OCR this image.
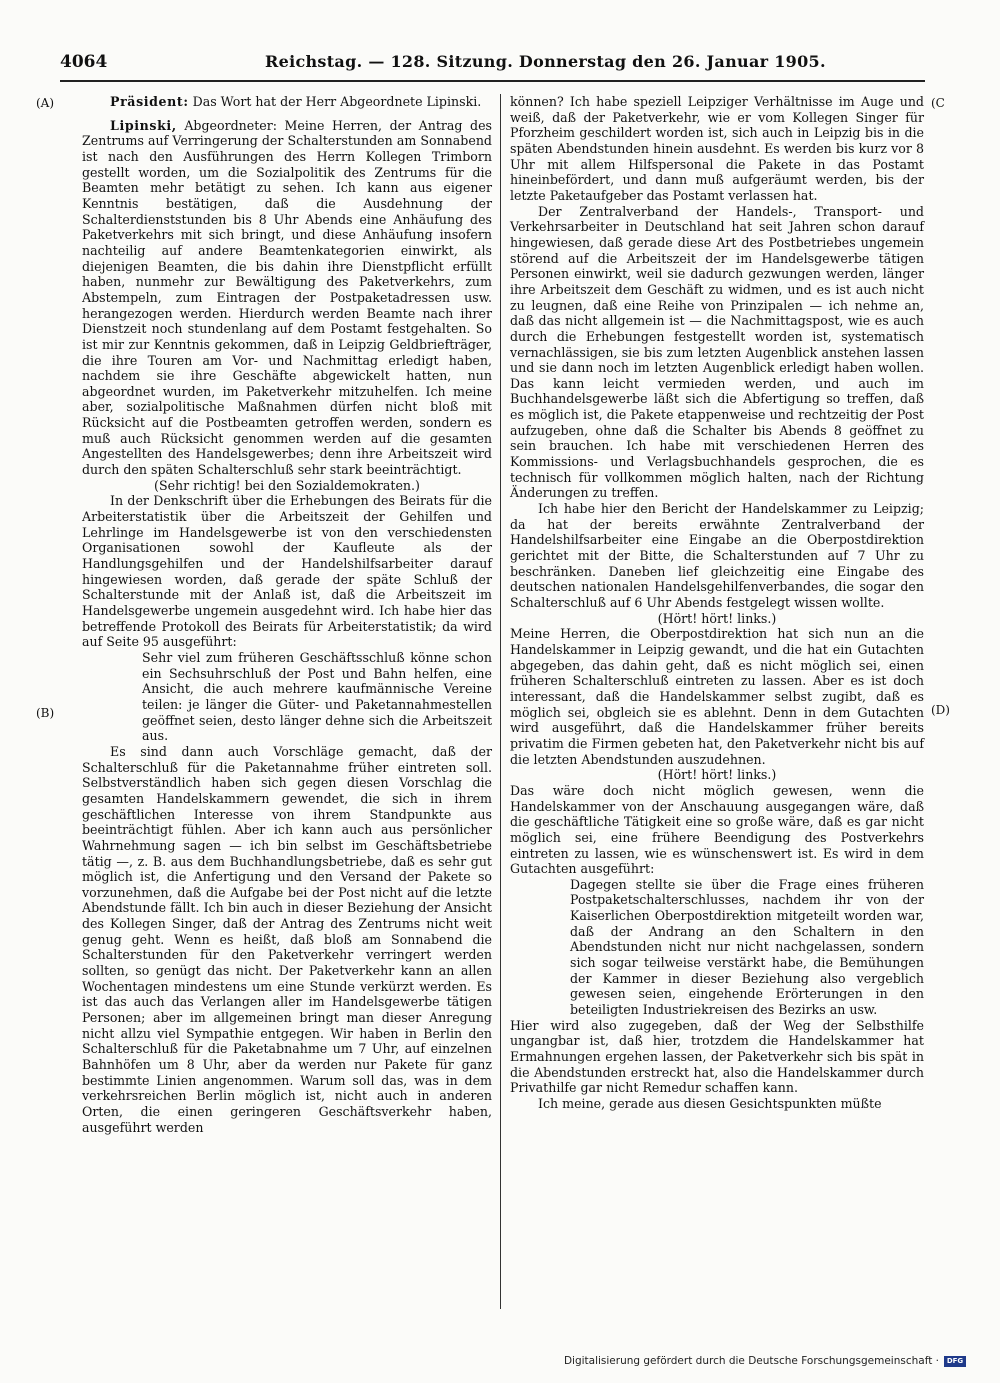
4064	Reichstag. — 128. Sitzung. Donnerstag den 26. Januar 1905.
(A)
(B)
(C
(D)

Präsident: Das Wort hat der Herr Abgeordnete Lipinski.

Lipinski, Abgeordneter: Meine Herren, der Antrag des Zentrums auf Verringerung der Schalterstunden am Sonnabend ist nach den Ausführungen des Herrn Kollegen Trimborn gestellt worden, um die Sozialpolitik des Zentrums für die Beamten mehr betätigt zu sehen. Ich kann aus eigener Kenntnis bestätigen, daß die Ausdehnung der Schalterdienststunden bis 8 Uhr Abends eine Anhäufung des Paketverkehrs mit sich bringt, und diese Anhäufung insofern nachteilig auf andere Beamtenkategorien einwirkt, als diejenigen Beamten, die bis dahin ihre Dienstpflicht erfüllt haben, nunmehr zur Bewältigung des Paketverkehrs, zum Abstempeln, zum Eintragen der Postpaketadressen usw. herangezogen werden. Hierdurch werden Beamte nach ihrer Dienstzeit noch stundenlang auf dem Postamt festgehalten. So ist mir zur Kenntnis gekommen, daß in Leipzig Geldbriefträger, die ihre Touren am Vor- und Nachmittag erledigt haben, nachdem sie ihre Geschäfte abgewickelt hatten, nun abgeordnet wurden, im Paketverkehr mitzuhelfen. Ich meine aber, sozialpolitische Maßnahmen dürfen nicht bloß mit Rücksicht auf die Postbeamten getroffen werden, sondern es muß auch Rücksicht genommen werden auf die gesamten Angestellten des Handelsgewerbes; denn ihre Arbeitszeit wird durch den späten Schalterschluß sehr stark beeinträchtigt.

(Sehr richtig! bei den Sozialdemokraten.)

In der Denkschrift über die Erhebungen des Beirats für die Arbeiterstatistik über die Arbeitszeit der Gehilfen und Lehrlinge im Handelsgewerbe ist von den verschiedensten Organisationen sowohl der Kaufleute als der Handlungsgehilfen und der Handelshilfsarbeiter darauf hingewiesen worden, daß gerade der späte Schluß der Schalterstunde mit der Anlaß ist, daß die Arbeitszeit im Handelsgewerbe ungemein ausgedehnt wird. Ich habe hier das betreffende Protokoll des Beirats für Arbeiterstatistik; da wird auf Seite 95 ausgeführt:

Sehr viel zum früheren Geschäftsschluß könne schon ein Sechsuhrschluß der Post und Bahn helfen, eine Ansicht, die auch mehrere kaufmännische Vereine teilen: je länger die Güter- und Paketannahmestellen geöffnet seien, desto länger dehne sich die Arbeitszeit aus.

Es sind dann auch Vorschläge gemacht, daß der Schalterschluß für die Paketannahme früher eintreten soll. Selbstverständlich haben sich gegen diesen Vorschlag die gesamten Handelskammern gewendet, die sich in ihrem geschäftlichen Interesse von ihrem Standpunkte aus beeinträchtigt fühlen. Aber ich kann auch aus persönlicher Wahrnehmung sagen — ich bin selbst im Geschäftsbetriebe tätig —, z. B. aus dem Buchhandlungsbetriebe, daß es sehr gut möglich ist, die Anfertigung und den Versand der Pakete so vorzunehmen, daß die Aufgabe bei der Post nicht auf die letzte Abendstunde fällt. Ich bin auch in dieser Beziehung der Ansicht des Kollegen Singer, daß der Antrag des Zentrums nicht weit genug geht. Wenn es heißt, daß bloß am Sonnabend die Schalterstunden für den Paketverkehr verringert werden sollten, so genügt das nicht. Der Paketverkehr kann an allen Wochentagen mindestens um eine Stunde verkürzt werden. Es ist das auch das Verlangen aller im Handelsgewerbe tätigen Personen; aber im allgemeinen bringt man dieser Anregung nicht allzu viel Sympathie entgegen. Wir haben in Berlin den Schalterschluß für die Paketabnahme um 7 Uhr, auf einzelnen Bahnhöfen um 8 Uhr, aber da werden nur Pakete für ganz bestimmte Linien angenommen. Warum soll das, was in dem verkehrsreichen Berlin möglich ist, nicht auch in anderen Orten, die einen geringeren Geschäftsverkehr haben, ausgeführt werden

können? Ich habe speziell Leipziger Verhältnisse im Auge und weiß, daß der Paketverkehr, wie er vom Kollegen Singer für Pforzheim geschildert worden ist, sich auch in Leipzig bis in die späten Abendstunden hinein ausdehnt. Es werden bis kurz vor 8 Uhr mit allem Hilfspersonal die Pakete in das Postamt hineinbefördert, und dann muß aufgeräumt werden, bis der letzte Paketaufgeber das Postamt verlassen hat.

Der Zentralverband der Handels-, Transport- und Verkehrsarbeiter in Deutschland hat seit Jahren schon darauf hingewiesen, daß gerade diese Art des Postbetriebes ungemein störend auf die Arbeitszeit der im Handelsgewerbe tätigen Personen einwirkt, weil sie dadurch gezwungen werden, länger ihre Arbeitszeit dem Geschäft zu widmen, und es ist auch nicht zu leugnen, daß eine Reihe von Prinzipalen — ich nehme an, daß das nicht allgemein ist — die Nachmittagspost, wie es auch durch die Erhebungen festgestellt worden ist, systematisch vernachlässigen, sie bis zum letzten Augenblick anstehen lassen und sie dann noch im letzten Augenblick erledigt haben wollen. Das kann leicht vermieden werden, und auch im Buchhandelsgewerbe läßt sich die Abfertigung so treffen, daß es möglich ist, die Pakete etappenweise und rechtzeitig der Post aufzugeben, ohne daß die Schalter bis Abends 8 geöffnet zu sein brauchen. Ich habe mit verschiedenen Herren des Kommissions- und Verlagsbuchhandels gesprochen, die es technisch für vollkommen möglich halten, nach der Richtung Änderungen zu treffen.

Ich habe hier den Bericht der Handelskammer zu Leipzig; da hat der bereits erwähnte Zentralverband der Handelshilfsarbeiter eine Eingabe an die Oberpostdirektion gerichtet mit der Bitte, die Schalterstunden auf 7 Uhr zu beschränken. Daneben lief gleichzeitig eine Eingabe des deutschen nationalen Handelsgehilfenverbandes, die sogar den Schalterschluß auf 6 Uhr Abends festgelegt wissen wollte.

(Hört! hört! links.)

Meine Herren, die Oberpostdirektion hat sich nun an die Handelskammer in Leipzig gewandt, und die hat ein Gutachten abgegeben, das dahin geht, daß es nicht möglich sei, einen früheren Schalterschluß eintreten zu lassen. Aber es ist doch interessant, daß die Handelskammer selbst zugibt, daß es möglich sei, obgleich sie es ablehnt. Denn in dem Gutachten wird ausgeführt, daß die Handelskammer früher bereits privatim die Firmen gebeten hat, den Paketverkehr nicht bis auf die letzten Abendstunden auszudehnen.

(Hört! hört! links.)

Das wäre doch nicht möglich gewesen, wenn die Handelskammer von der Anschauung ausgegangen wäre, daß die geschäftliche Tätigkeit eine so große wäre, daß es gar nicht möglich sei, eine frühere Beendigung des Postverkehrs eintreten zu lassen, wie es wünschenswert ist. Es wird in dem Gutachten ausgeführt:

Dagegen stellte sie über die Frage eines früheren Postpaketschalterschlusses, nachdem ihr von der Kaiserlichen Oberpostdirektion mitgeteilt worden war, daß der Andrang an den Schaltern in den Abendstunden nicht nur nicht nachgelassen, sondern sich sogar teilweise verstärkt habe, die Bemühungen der Kammer in dieser Beziehung also vergeblich gewesen seien, eingehende Erörterungen in den beteiligten Industriekreisen des Bezirks an usw.

Hier wird also zugegeben, daß der Weg der Selbsthilfe ungangbar ist, daß hier, trotzdem die Handelskammer hat Ermahnungen ergehen lassen, der Paketverkehr sich bis spät in die Abendstunden erstreckt hat, also die Handelskammer durch Privathilfe gar nicht Remedur schaffen kann.

Ich meine, gerade aus diesen Gesichtspunkten müßte

Digitalisierung gefördert durch die Deutsche Forschungsgemeinschaft ·	DFG
